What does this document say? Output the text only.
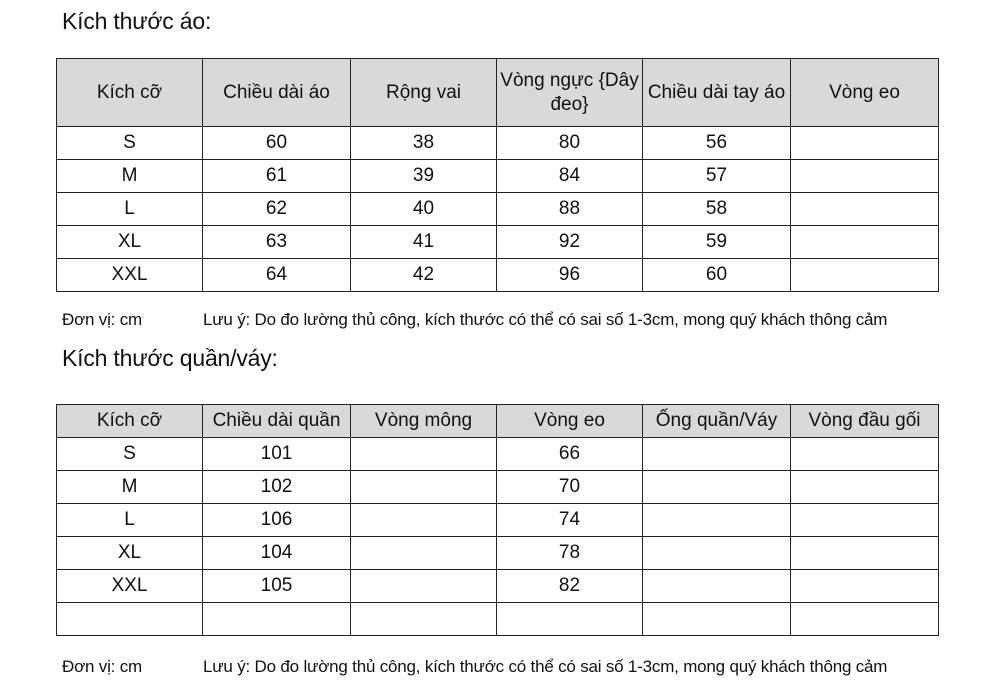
Kích thước áo:
Kích cỡ	Chiều dài áo	Rộng vai	Vòng ngực {Dây đeo}	Chiều dài tay áo	Vòng eo
S	60	38	80	56	
M	61	39	84	57	
L	62	40	88	58	
XL	63	41	92	59	
XXL	64	42	96	60	
Đơn vị: cm	Lưu ý: Do đo lường thủ công, kích thước có thể có sai số 1-3cm, mong quý khách thông cảm
Kích thước quần/váy:
Kích cỡ	Chiều dài quần	Vòng mông	Vòng eo	Ống quần/Váy	Vòng đầu gối
S	101		66		
M	102		70		
L	106		74		
XL	104		78		
XXL	105		82		

Đơn vị: cm	Lưu ý: Do đo lường thủ công, kích thước có thể có sai số 1-3cm, mong quý khách thông cảm
